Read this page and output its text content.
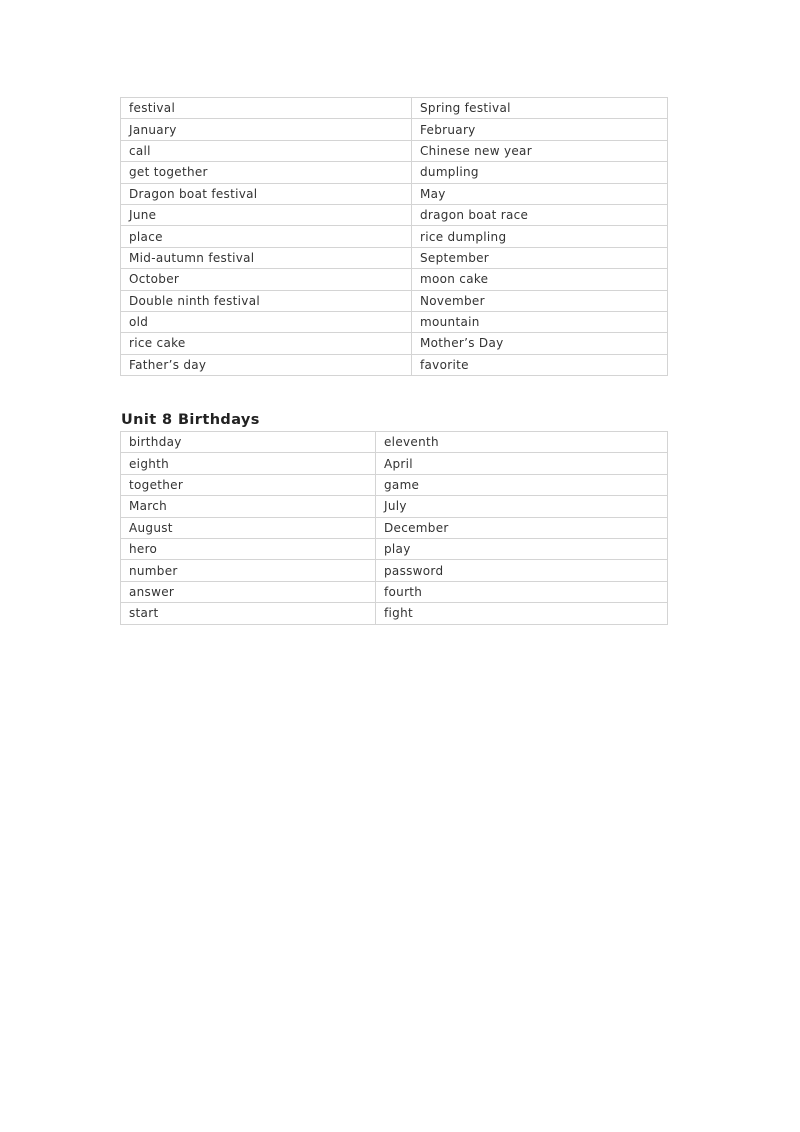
festival	Spring festival
January	February
call	Chinese new year
get together	dumpling
Dragon boat festival	May
June	dragon boat race
place	rice dumpling
Mid-autumn festival	September
October	moon cake
Double ninth festival	November
old	mountain
rice cake	Mother’s Day
Father’s day	favorite
Unit 8 Birthdays
birthday	eleventh
eighth	April
together	game
March	July
August	December
hero	play
number	password
answer	fourth
start	fight
